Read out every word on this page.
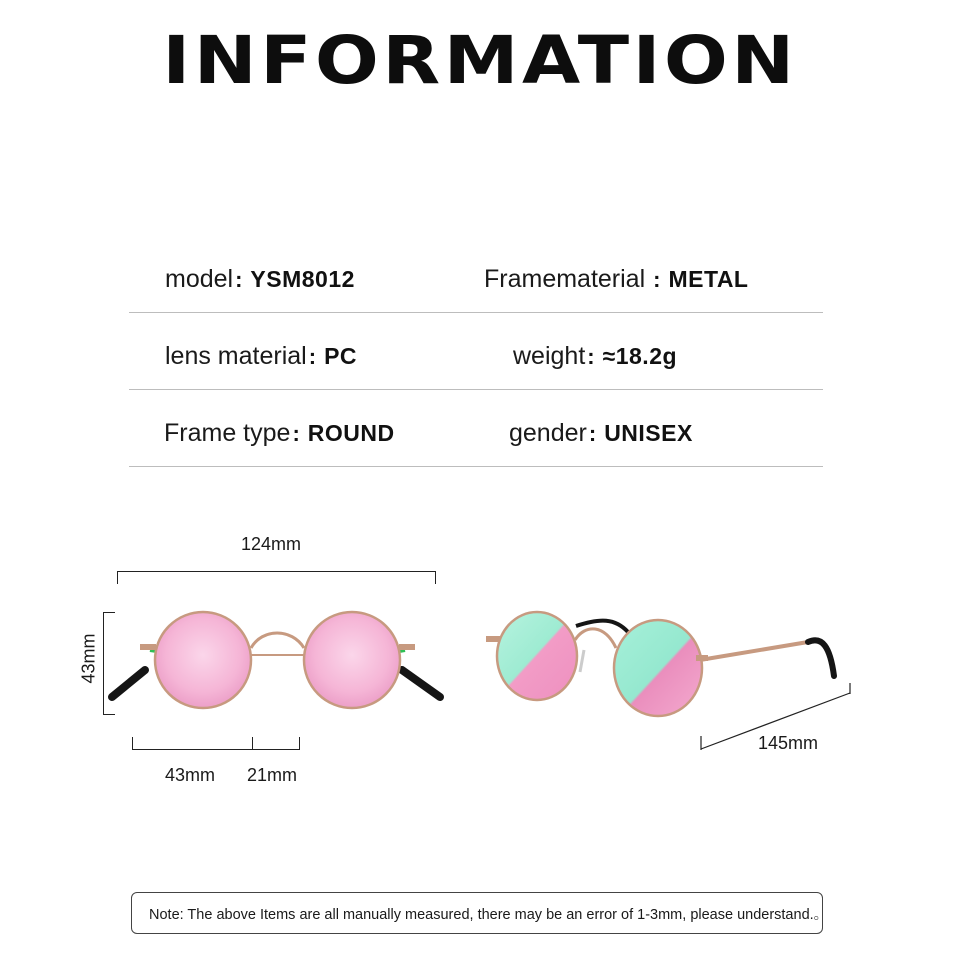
INFORMATION
model : YSM8012	Framematerial : METAL
lens material : PC	weight : ≈18.2g
Frame type : ROUND	gender : UNISEX
124mm
43mm
43mm 21mm
145mm
Note: The above Items are all manually measured, there may be an error of 1-3mm, please understand.。
